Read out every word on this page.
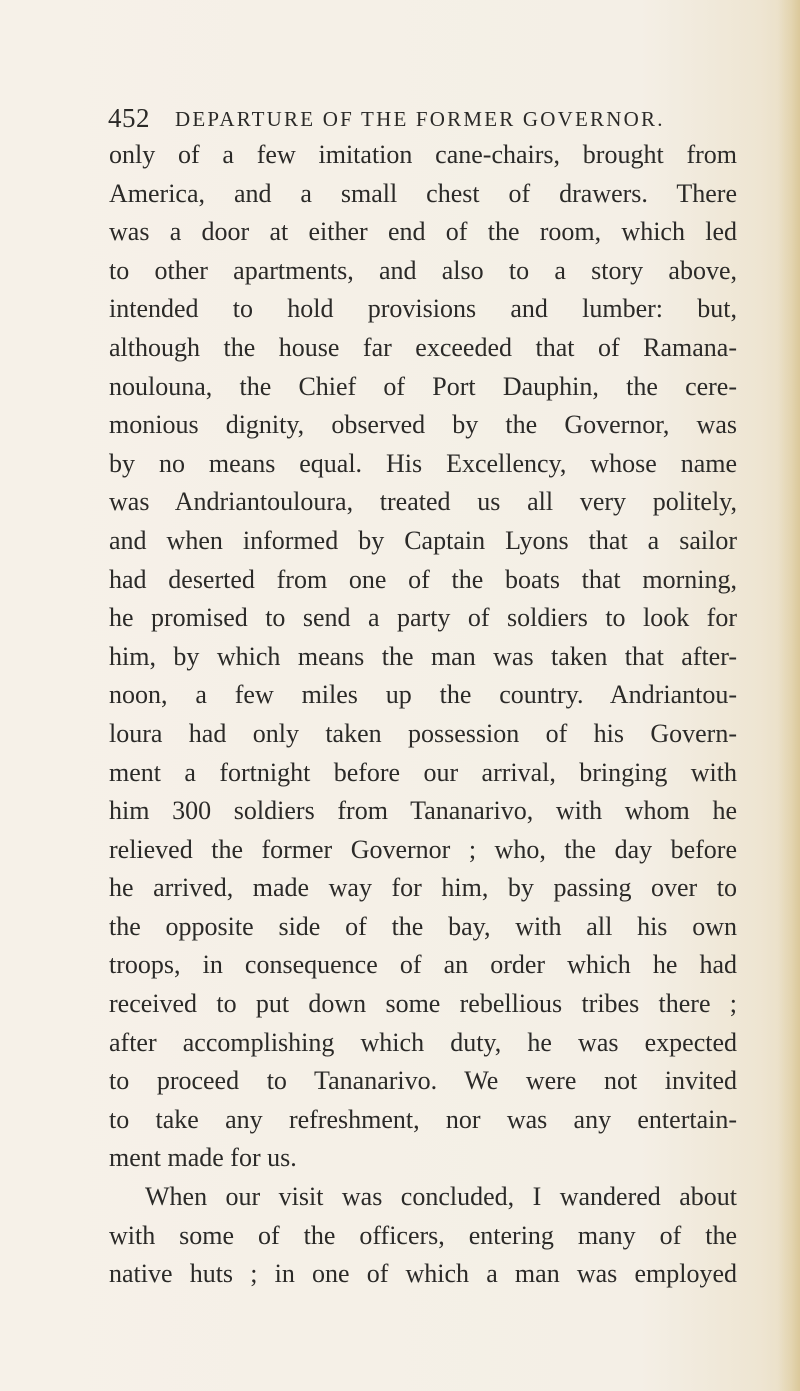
452 DEPARTURE OF THE FORMER GOVERNOR.
only of a few imitation cane-chairs, brought from
America, and a small chest of drawers. There
was a door at either end of the room, which led
to other apartments, and also to a story above,
intended to hold provisions and lumber: but,
although the house far exceeded that of Ramana-
noulouna, the Chief of Port Dauphin, the cere-
monious dignity, observed by the Governor, was
by no means equal. His Excellency, whose name
was Andriantouloura, treated us all very politely,
and when informed by Captain Lyons that a sailor
had deserted from one of the boats that morning,
he promised to send a party of soldiers to look for
him, by which means the man was taken that after-
noon, a few miles up the country. Andriantou-
loura had only taken possession of his Govern-
ment a fortnight before our arrival, bringing with
him 300 soldiers from Tananarivo, with whom he
relieved the former Governor ; who, the day before
he arrived, made way for him, by passing over to
the opposite side of the bay, with all his own
troops, in consequence of an order which he had
received to put down some rebellious tribes there ;
after accomplishing which duty, he was expected
to proceed to Tananarivo. We were not invited
to take any refreshment, nor was any entertain-
ment made for us.
When our visit was concluded, I wandered about
with some of the officers, entering many of the
native huts ; in one of which a man was employed
